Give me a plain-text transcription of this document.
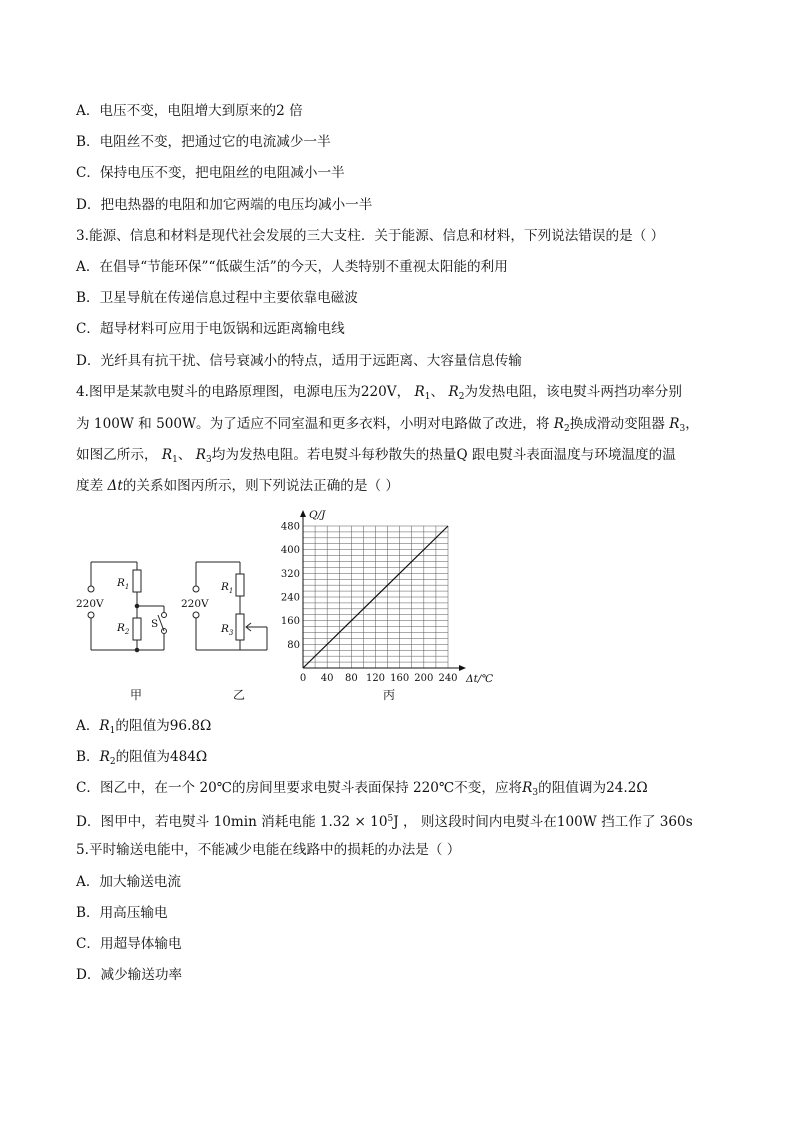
A．电压不变，电阻增大到原来的2 倍
B．电阻丝不变，把通过它的电流减少一半
C．保持电压不变，把电阻丝的电阻减小一半
D．把电热器的电阻和加它两端的电压均减小一半
3.能源、信息和材料是现代社会发展的三大支柱．关于能源、信息和材料，下列说法错误的是（ ）
A．在倡导“节能环保”“低碳生活”的今天，人类特别不重视太阳能的利用
B．卫星导航在传递信息过程中主要依靠电磁波
C．超导材料可应用于电饭锅和远距离输电线
D．光纤具有抗干扰、信号衰减小的特点，适用于远距离、大容量信息传输
4.图甲是某款电熨斗的电路原理图，电源电压为220V， $R_1$、 $R_2$为发热电阻，该电熨斗两挡功率分别
为 100W 和 500W。为了适应不同室温和更多衣料，小明对电路做了改进，将 $R_2$换成滑动变阻器 $R_3$，
如图乙所示， $R_1$、 $R_3$均为发热电阻。若电熨斗每秒散失的热量Q 跟电熨斗表面温度与环境温度的温
度差 Δt的关系如图丙所示，则下列说法正确的是（ ）
220V
$R_1$
$R_2$
S
220V
$R_1$
$R_3$
甲	乙	丙
0 40 80 120 160 200 240
80
160
240
320
400
480
Q/J
Δt/℃
A．$R_1$的阻值为96.8Ω
B．$R_2$的阻值为484Ω
C．图乙中，在一个 20℃的房间里要求电熨斗表面保持 220℃不变，应将$R_3$的阻值调为24.2Ω
D．图甲中，若电熨斗 10min 消耗电能 $1.32 \times 10^5J$ ， 则这段时间内电熨斗在100W 挡工作了 360s
5.平时输送电能中，不能减少电能在线路中的损耗的办法是（ ）
A．加大输送电流
B．用高压输电
C．用超导体输电
D．减少输送功率
